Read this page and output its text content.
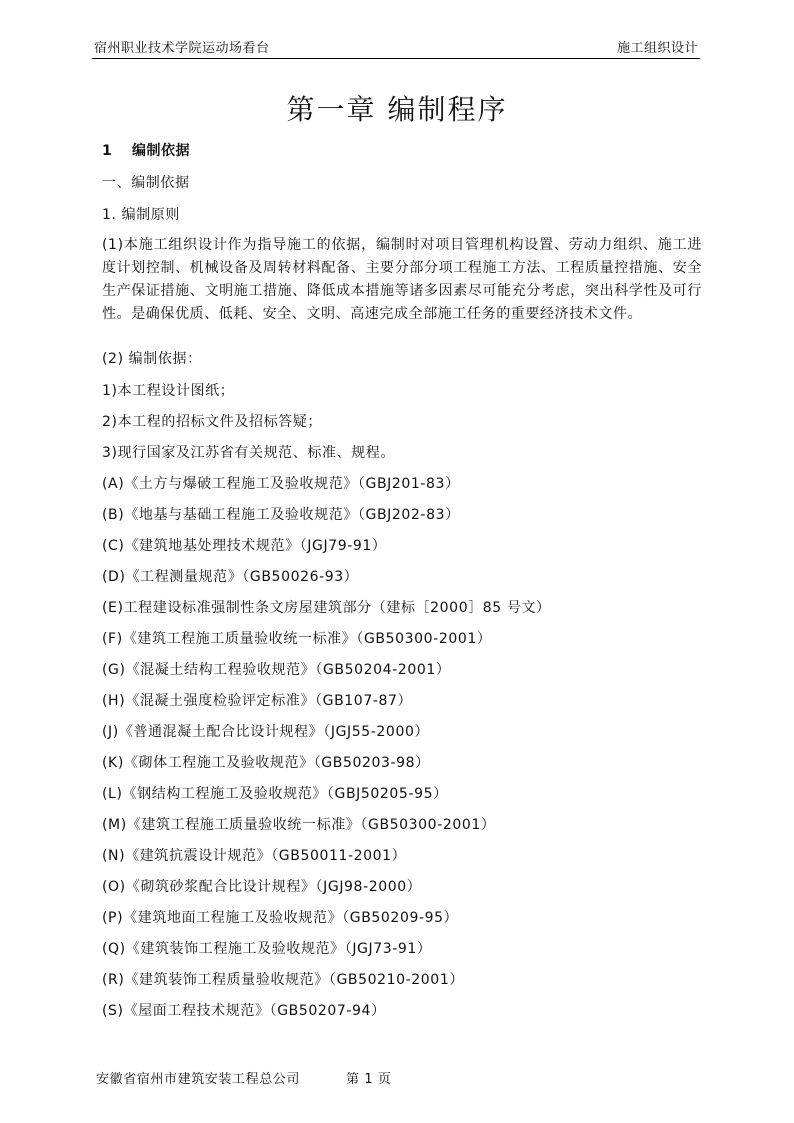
宿州职业技术学院运动场看台	施工组织设计
第一章 编制程序
1 编制依据
一、编制依据
1. 编制原则
(1)本施工组织设计作为指导施工的依据，编制时对项目管理机构设置、劳动力组织、施工进度计划控制、机械设备及周转材料配备、主要分部分项工程施工方法、工程质量控措施、安全生产保证措施、文明施工措施、降低成本措施等诸多因素尽可能充分考虑，突出科学性及可行性。是确保优质、低耗、安全、文明、高速完成全部施工任务的重要经济技术文件。
(2) 编制依据：
1)本工程设计图纸；
2)本工程的招标文件及招标答疑；
3)现行国家及江苏省有关规范、标准、规程。
(A)《土方与爆破工程施工及验收规范》（GBJ201-83）
(B)《地基与基础工程施工及验收规范》（GBJ202-83）
(C)《建筑地基处理技术规范》（JGJ79-91）
(D)《工程测量规范》（GB50026-93）
(E)工程建设标准强制性条文房屋建筑部分（建标［2000］85 号文）
(F)《建筑工程施工质量验收统一标准》（GB50300-2001）
(G)《混凝土结构工程验收规范》（GB50204-2001）
(H)《混凝土强度检验评定标准》（GB107-87）
(J)《普通混凝土配合比设计规程》（JGJ55-2000）
(K)《砌体工程施工及验收规范》（GB50203-98）
(L)《钢结构工程施工及验收规范》（GBJ50205-95）
(M)《建筑工程施工质量验收统一标准》（GB50300-2001）
(N)《建筑抗震设计规范》（GB50011-2001）
(O)《砌筑砂浆配合比设计规程》（JGJ98-2000）
(P)《建筑地面工程施工及验收规范》（GB50209-95）
(Q)《建筑装饰工程施工及验收规范》（JGJ73-91）
(R)《建筑装饰工程质量验收规范》（GB50210-2001）
(S)《屋面工程技术规范》（GB50207-94）
安徽省宿州市建筑安装工程总公司	第 1 页
